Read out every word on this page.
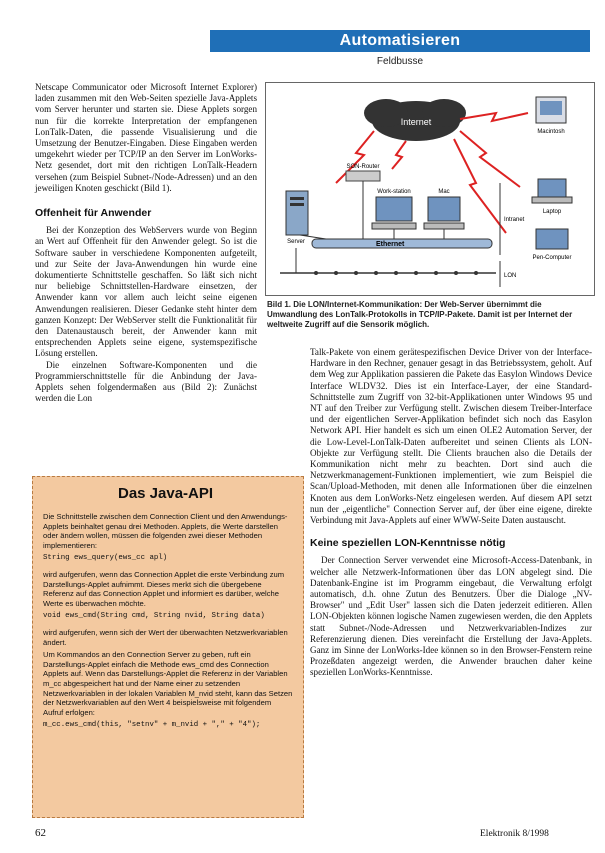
Automatisieren
Feldbusse

Netscape Communicator oder Microsoft Internet Explorer) laden zusammen mit den Web-Seiten spezielle Java-Applets vom Server herunter und starten sie. Diese Applets sorgen nun für die korrekte Interpretation der empfangenen LonTalk-Daten, die passende Visualisierung und die Umsetzung der Benutzer-Eingaben. Diese Eingaben werden umgekehrt wieder per TCP/IP an den Server im LonWorks-Netz gesendet, dort mit den richtigen LonTalk-Headern versehen (zum Beispiel Subnet-/Node-Adressen) und an den jeweiligen Knoten geschickt (Bild 1).

Offenheit für Anwender

Bei der Konzeption des WebServers wurde von Beginn an Wert auf Offenheit für den Anwender gelegt. So ist die Software sauber in verschiedene Komponenten aufgeteilt, und zur Seite der Java-Anwendungen hin wurde eine dokumentierte Schnittstelle geschaffen. So läßt sich nicht nur beliebige Schnittstellen-Hardware einsetzen, der Anwender kann vor allem auch leicht seine eigenen Anwendungen realisieren. Dieser Gedanke steht hinter dem ganzen Konzept: Der WebServer stellt die Funktionalität für den Datenaustausch bereit, der Anwender kann mit entsprechenden Applets seine eigene, systemspezifische Lösung erstellen.

Die einzelnen Software-Komponenten und die Programmierschnittstelle für die Anbindung der Java-Applets sehen folgendermaßen aus (Bild 2): Zunächst werden die Lon

Internet
SON-Router
Server
Work-station	Mac
Ethernet
Intranet
LON
Macintosh
Laptop
Pen-Computer
Bild 1. Die LON/Internet-Kommunikation: Der Web-Server übernimmt die Umwandlung des LonTalk-Protokolls in TCP/IP-Pakete. Damit ist per Internet der weltweite Zugriff auf die Sensorik möglich.

Talk-Pakete von einem gerätespezifischen Device Driver von der Interface-Hardware in den Rechner, genauer gesagt in das Betriebssystem, geholt. Auf dem Weg zur Applikation passieren die Pakete das Easylon Windows Device Interface WLDV32. Dies ist ein Interface-Layer, der eine Standard-Schnittstelle zum Zugriff von 32-bit-Applikationen unter Windows 95 und NT auf den Treiber zur Verfügung stellt. Zwischen diesem Treiber-Interface und der eigentlichen Server-Applikation befindet sich noch das Easylon Network API. Hier handelt es sich um einen OLE2 Automation Server, der die Low-Level-LonTalk-Daten aufbereitet und seinen Clients als LON-Objekte zur Verfügung stellt. Die Clients brauchen also die Details der Kommunikation nicht mehr zu beachten. Dort sind auch die Netzwerkmanagement-Funktionen implementiert, wie zum Beispiel die Scan/Upload-Methoden, mit denen alle Informationen über die einzelnen Knoten aus dem LonWorks-Netz eingelesen werden. Auf diesem API setzt nun der „eigentliche" Connection Server auf, der über eine eigene, direkte Verbindung mit Java-Applets auf einer WWW-Seite Daten austauscht.

Keine speziellen LON-Kenntnisse nötig

Der Connection Server verwendet eine Microsoft-Access-Datenbank, in welcher alle Netzwerk-Informationen über das LON abgelegt sind. Die Datenbank-Engine ist im Programm eingebaut, die Verwaltung erfolgt automatisch, d.h. ohne Zutun des Benutzers. Über die Dialoge „NV-Browser" und „Edit User" lassen sich die Daten jederzeit editieren. Allen LON-Objekten können logische Namen zugewiesen werden, die den Applets statt Subnet-/Node-Adressen und Netzwerkvariablen-Indizes zur Referenzierung dienen. Dies vereinfacht die Erstellung der Java-Applets. Ganz im Sinne der LonWorks-Idee können so in den Browser-Fenstern reine Prozeßdaten angezeigt werden, die Anwender brauchen daher keine speziellen LonWorks-Kenntnisse.

Das Java-API

Die Schnittstelle zwischen dem Connection Client und den Anwendungs-Applets beinhaltet genau drei Methoden. Applets, die Werte darstellen oder ändern wollen, müssen die folgenden zwei dieser Methoden implementieren:

String ews_query(ews_cc apl)

wird aufgerufen, wenn das Connection Applet die erste Verbindung zum Darstellungs-Applet aufnimmt. Dieses merkt sich die übergebene Referenz auf das Connection Applet und informiert es darüber, welche Werte es überwachen möchte.

void ews_cmd(String cmd, String nvid, String data)

wird aufgerufen, wenn sich der Wert der überwachten Netzwerkvariablen ändert.

Um Kommandos an den Connection Server zu geben, ruft ein Darstellungs-Applet einfach die Methode ews_cmd des Connection Applets auf. Wenn das Darstellungs-Applet die Referenz in der Variablen m_cc abgespeichert hat und der Name einer zu setzenden Netzwerkvariablen in der lokalen Variablen M_nvid steht, kann das Setzen der Netzwerkvariablen auf den Wert 4 beispielsweise mit folgendem Aufruf erfolgen:

m_cc.ews_cmd(this, "setnv" + m_nvid + "," + "4");
62	Elektronik 8/1998
